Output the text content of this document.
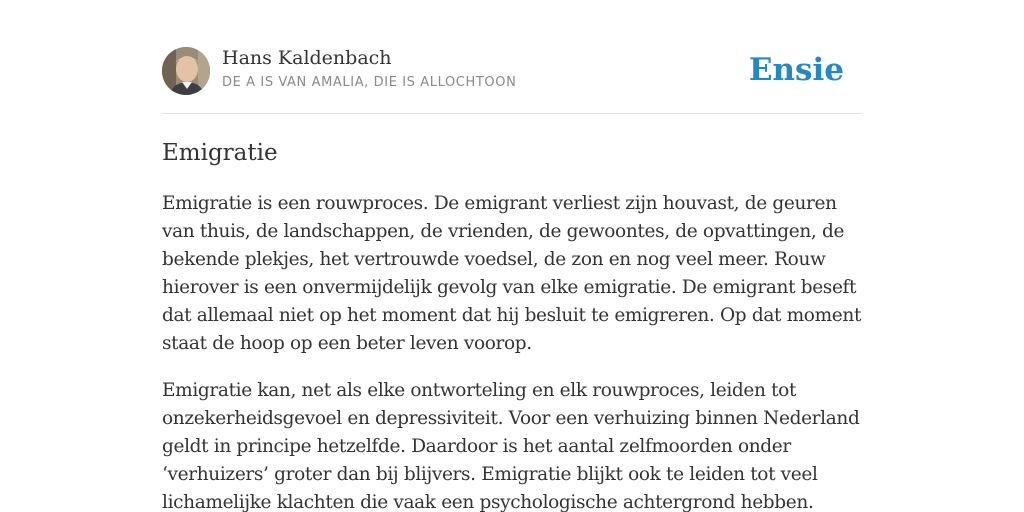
Hans Kaldenbach
DE A IS VAN AMALIA, DIE IS ALLOCHTOON	Ensie
Emigratie

Emigratie is een rouwproces. De emigrant verliest zijn houvast, de geuren van thuis, de landschappen, de vrienden, de gewoontes, de opvattingen, de bekende plekjes, het vertrouwde voedsel, de zon en nog veel meer. Rouw hierover is een onvermijdelijk gevolg van elke emigratie. De emigrant beseft dat allemaal niet op het moment dat hij besluit te emigreren. Op dat moment staat de hoop op een beter leven voorop.

Emigratie kan, net als elke ontworteling en elk rouwproces, leiden tot onzekerheidsgevoel en depressiviteit. Voor een verhuizing binnen Nederland geldt in principe hetzelfde. Daardoor is het aantal zelfmoorden onder ‘verhuizers’ groter dan bij blijvers. Emigratie blijkt ook te leiden tot veel lichamelijke klachten die vaak een psychologische achtergrond hebben.
